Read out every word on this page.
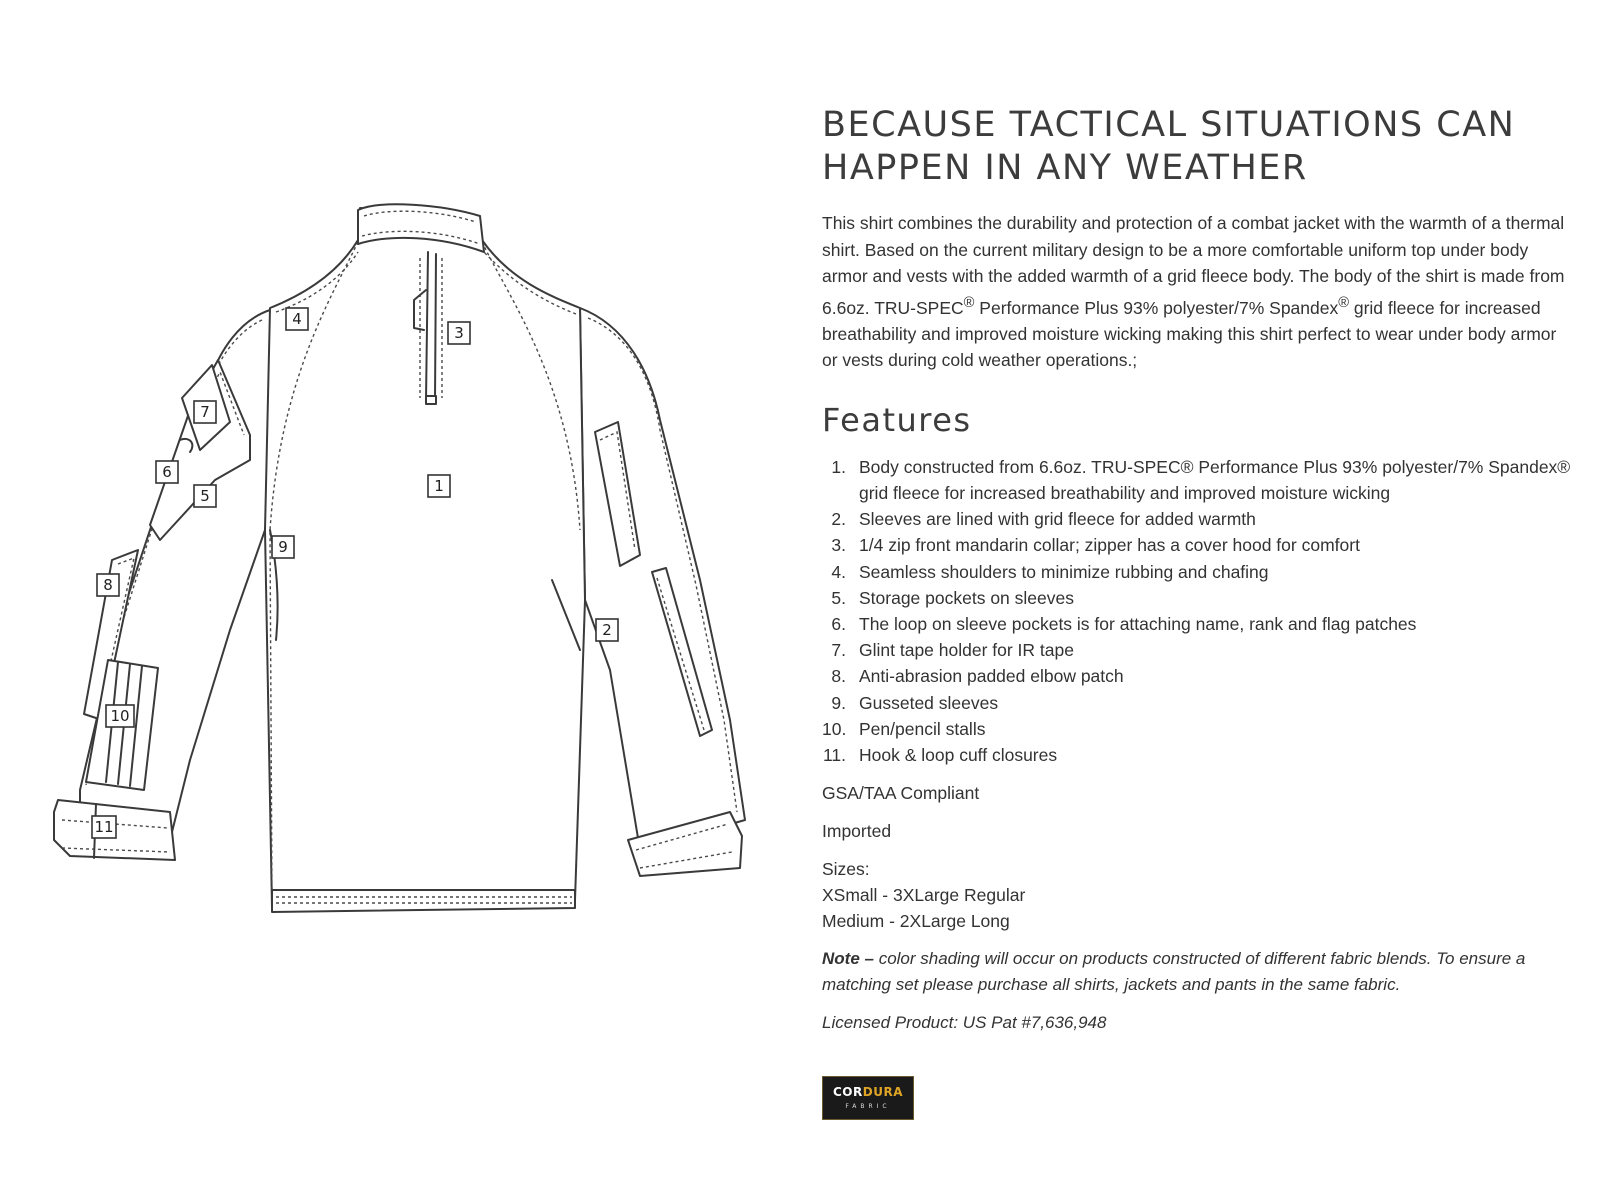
1
2
3
4
5
6
7
8
9
10
11
BECAUSE TACTICAL SITUATIONS CAN HAPPEN IN ANY WEATHER

This shirt combines the durability and protection of a combat jacket with the warmth of a thermal shirt. Based on the current military design to be a more comfortable uniform top under body armor and vests with the added warmth of a grid fleece body. The body of the shirt is made from 6.6oz. TRU-SPEC® Performance Plus 93% polyester/7% Spandex® grid fleece for increased breathability and improved moisture wicking making this shirt perfect to wear under body armor or vests during cold weather operations.;

Features
1. Body constructed from 6.6oz. TRU-SPEC® Performance Plus 93% polyester/7% Spandex® grid fleece for increased breathability and improved moisture wicking
2. Sleeves are lined with grid fleece for added warmth
3. 1/4 zip front mandarin collar; zipper has a cover hood for comfort
4. Seamless shoulders to minimize rubbing and chafing
5. Storage pockets on sleeves
6. The loop on sleeve pockets is for attaching name, rank and flag patches
7. Glint tape holder for IR tape
8. Anti-abrasion padded elbow patch
9. Gusseted sleeves
10. Pen/pencil stalls
11. Hook & loop cuff closures
GSA/TAA Compliant
Imported
Sizes:
XSmall - 3XLarge Regular
Medium - 2XLarge Long

Note – color shading will occur on products constructed of different fabric blends. To ensure a matching set please purchase all shirts, jackets and pants in the same fabric.

Licensed Product: US Pat #7,636,948

CORDURA
FABRIC
